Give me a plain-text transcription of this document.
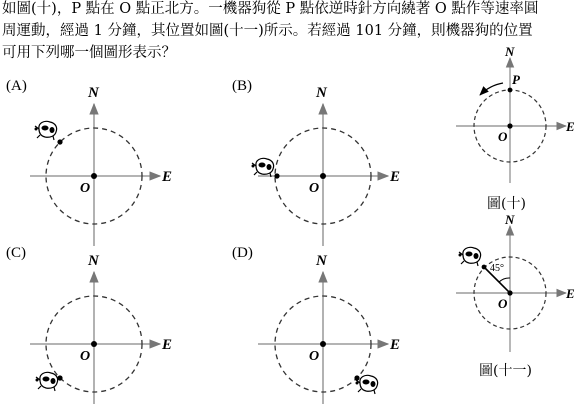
如圖(十)，P 點在 O 點正北方。一機器狗從 P 點依逆時針方向繞著 O 點作等速率圓
周運動，經過 1 分鐘，其位置如圖(十一)所示。若經過 101 分鐘，則機器狗的位置
可用下列哪一個圖形表示？
(A)	(B)
(C)	(D)
圖(十)
圖(十一)
N
E
O
N
E
O
N
E
O
N
E
O
N
E
O
P
45°
N
E
O
